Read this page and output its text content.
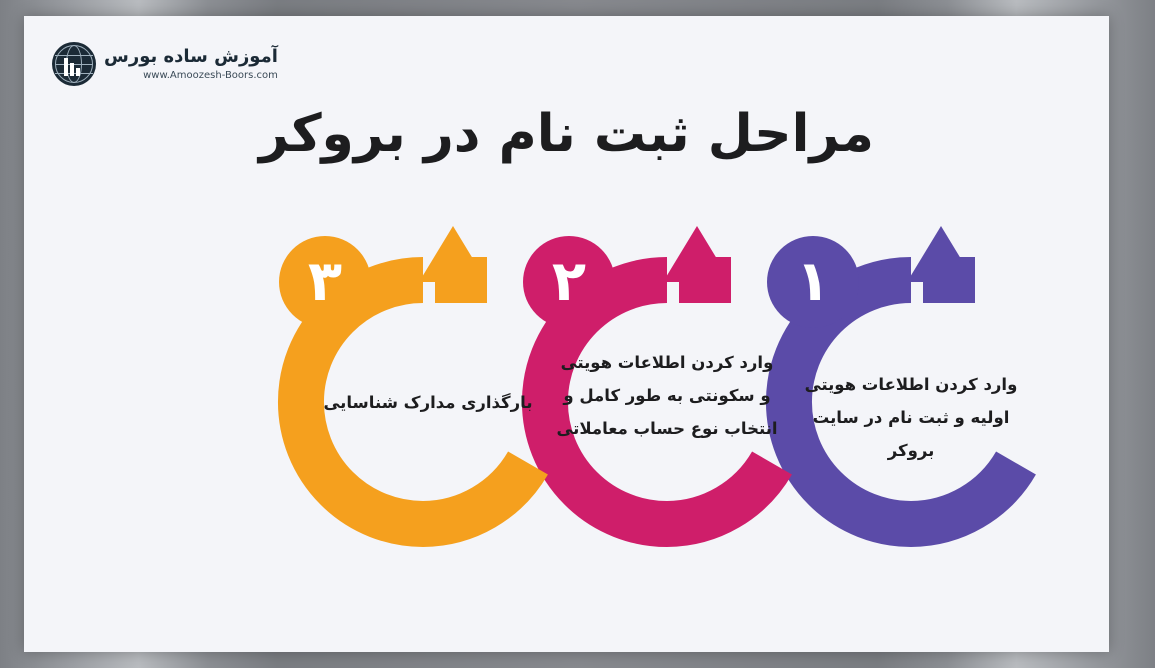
آموزش ساده بورس
www.Amoozesh-Boors.com
مراحل ثبت نام در بروکر
۱
وارد کردن اطلاعات هویتی
اولیه و ثبت نام در سایت بروکر
۲
وارد کردن اطلاعات هویتی
و سکونتی به طور کامل و
انتخاب نوع حساب معاملاتی
۳
بارگذاری مدارک شناسایی
